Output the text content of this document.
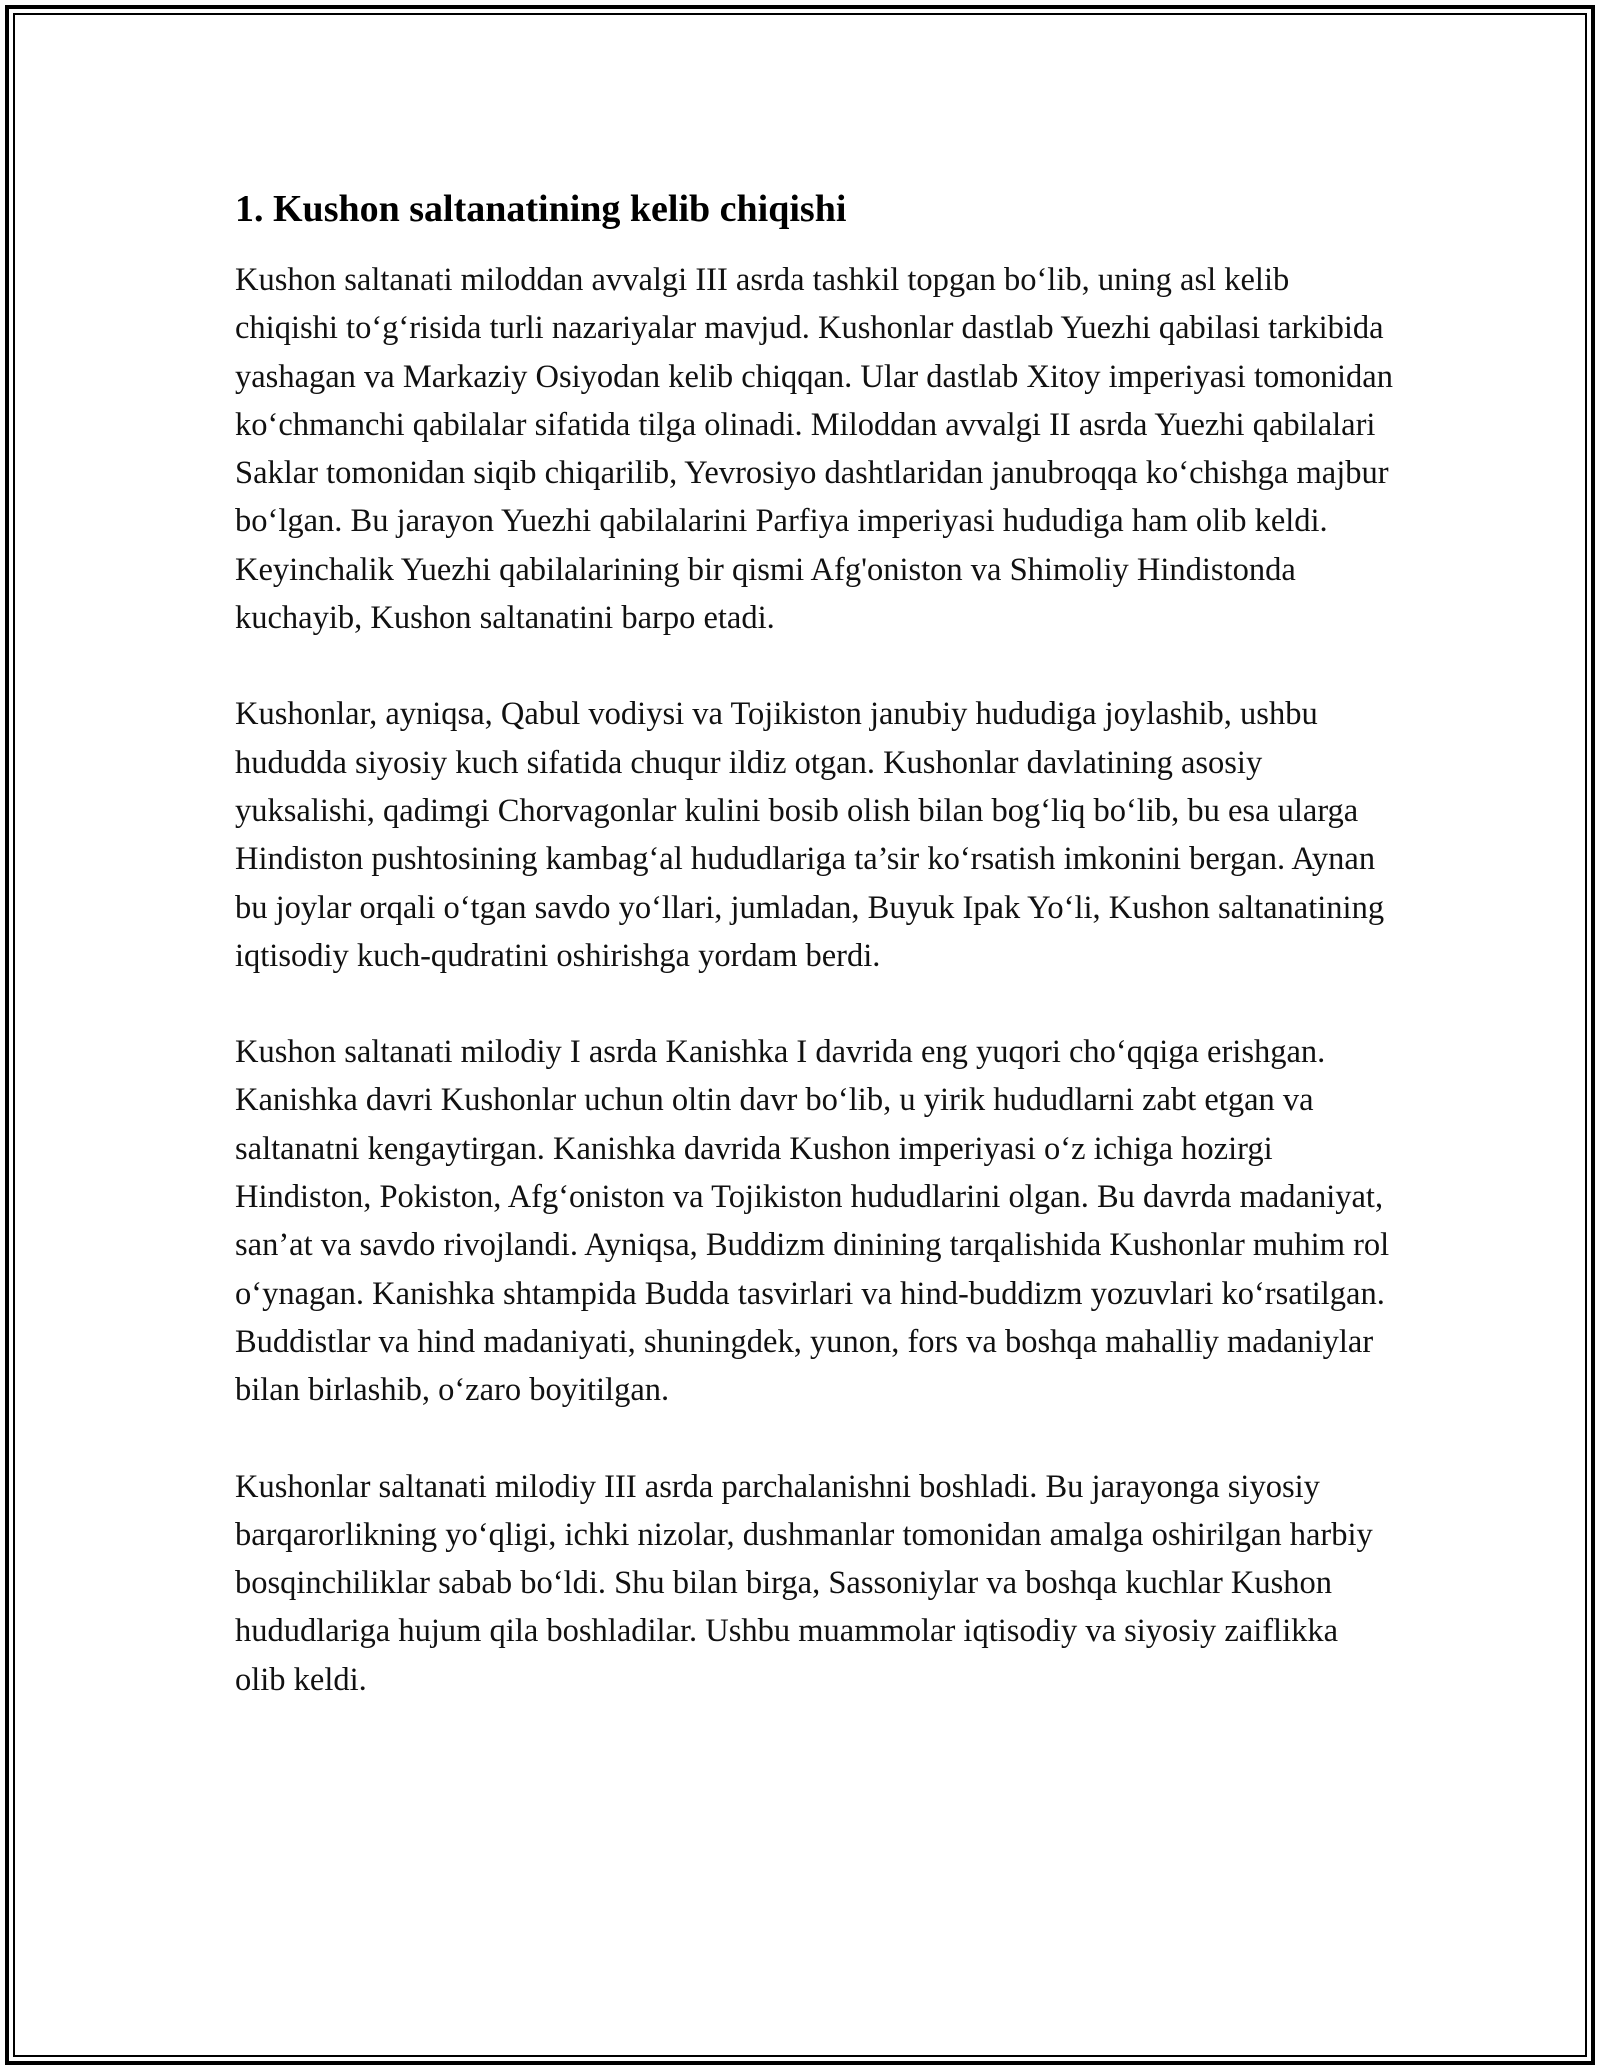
1. Kushon saltanatining kelib chiqishi

Kushon saltanati miloddan avvalgi III asrda tashkil topgan bo‘lib, uning asl kelib chiqishi to‘g‘risida turli nazariyalar mavjud. Kushonlar dastlab Yuezhi qabilasi tarkibida yashagan va Markaziy Osiyodan kelib chiqqan. Ular dastlab Xitoy imperiyasi tomonidan ko‘chmanchi qabilalar sifatida tilga olinadi. Miloddan avvalgi II asrda Yuezhi qabilalari Saklar tomonidan siqib chiqarilib, Yevrosiyo dashtlaridan janubroqqa ko‘chishga majbur bo‘lgan. Bu jarayon Yuezhi qabilalarini Parfiya imperiyasi hududiga ham olib keldi. Keyinchalik Yuezhi qabilalarining bir qismi Afg'oniston va Shimoliy Hindistonda kuchayib, Kushon saltanatini barpo etadi.

Kushonlar, ayniqsa, Qabul vodiysi va Tojikiston janubiy hududiga joylashib, ushbu hududda siyosiy kuch sifatida chuqur ildiz otgan. Kushonlar davlatining asosiy yuksalishi, qadimgi Chorvagonlar kulini bosib olish bilan bog‘liq bo‘lib, bu esa ularga Hindiston pushtosining kambag‘al hududlariga ta’sir ko‘rsatish imkonini bergan. Aynan bu joylar orqali o‘tgan savdo yo‘llari, jumladan, Buyuk Ipak Yo‘li, Kushon saltanatining iqtisodiy kuch-qudratini oshirishga yordam berdi.

Kushon saltanati milodiy I asrda Kanishka I davrida eng yuqori cho‘qqiga erishgan. Kanishka davri Kushonlar uchun oltin davr bo‘lib, u yirik hududlarni zabt etgan va saltanatni kengaytirgan. Kanishka davrida Kushon imperiyasi o‘z ichiga hozirgi Hindiston, Pokiston, Afg‘oniston va Tojikiston hududlarini olgan. Bu davrda madaniyat, san’at va savdo rivojlandi. Ayniqsa, Buddizm dinining tarqalishida Kushonlar muhim rol o‘ynagan. Kanishka shtampida Budda tasvirlari va hind-buddizm yozuvlari ko‘rsatilgan. Buddistlar va hind madaniyati, shuningdek, yunon, fors va boshqa mahalliy madaniylar bilan birlashib, o‘zaro boyitilgan.

Kushonlar saltanati milodiy III asrda parchalanishni boshladi. Bu jarayonga siyosiy barqarorlikning yo‘qligi, ichki nizolar, dushmanlar tomonidan amalga oshirilgan harbiy bosqinchiliklar sabab bo‘ldi. Shu bilan birga, Sassoniylar va boshqa kuchlar Kushon hududlariga hujum qila boshladilar. Ushbu muammolar iqtisodiy va siyosiy zaiflikka olib keldi.
